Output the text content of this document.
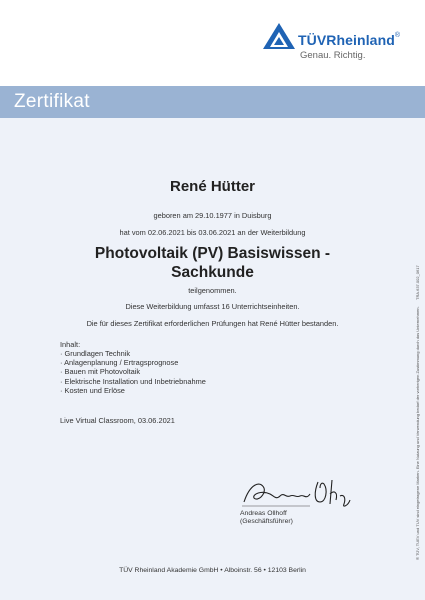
TÜVRheinland®
Genau. Richtig.
Zertifikat
René Hütter
geboren am 29.10.1977 in Duisburg
hat vom 02.06.2021 bis 03.06.2021 an der Weiterbildung
Photovoltaik (PV) Basiswissen -
Sachkunde
teilgenommen.
Diese Weiterbildung umfasst 16 Unterrichtseinheiten.
Die für dieses Zertifikat erforderlichen Prüfungen hat René Hütter bestanden.
Inhalt:
· Grundlagen Technik
· Anlagenplanung / Ertragsprognose
· Bauen mit Photovoltaik
· Elektrische Installation und Inbetriebnahme
· Kosten und Erlöse
Live Virtual Classroom, 03.06.2021
Andreas Ollhoff
(Geschäftsführer)
TÜV Rheinland Akademie GmbH • Alboinstr. 56 • 12103 Berlin
TRA.637.002_0617
® TÜV, TUEV und TUV sind eingetragene Marken. Eine Nutzung und Verwendung bedarf der vorherigen Zustimmung durch das Unternehmen.
